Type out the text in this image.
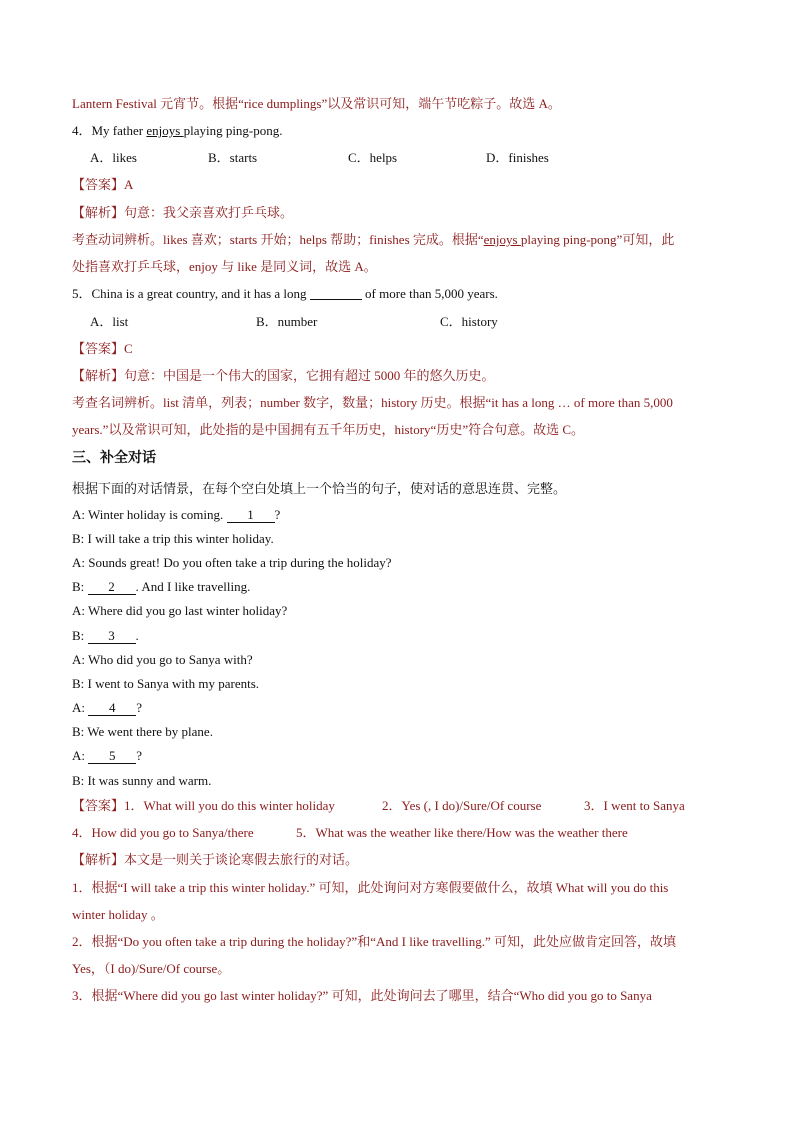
Lantern Festival 元宵节。根据“rice dumplings”以及常识可知，端午节吃粽子。故选 A。
4．My father enjoys playing ping-pong.
A．likes	B．starts	C．helps	D．finishes
【答案】A
【解析】句意：我父亲喜欢打乒乓球。
考查动词辨析。likes 喜欢；starts 开始；helps 帮助；finishes 完成。根据“enjoys playing ping-pong”可知，此
处指喜欢打乒乓球，enjoy 与 like 是同义词，故选 A。
5．China is a great country, and it has a long	of more than 5,000 years.
A．list	B．number	C．history
【答案】C
【解析】句意：中国是一个伟大的国家，它拥有超过 5000 年的悠久历史。
考查名词辨析。list 清单，列表；number 数字，数量；history 历史。根据“it has a long … of more than 5,000
years.”以及常识可知，此处指的是中国拥有五千年历史，history“历史”符合句意。故选 C。
三、补全对话
根据下面的对话情景，在每个空白处填上一个恰当的句子，使对话的意思连贯、完整。
A: Winter holiday is coming. 1 ?
B: I will take a trip this winter holiday.
A: Sounds great! Do you often take a trip during the holiday?
B: 2 . And I like travelling.
A: Where did you go last winter holiday?
B: 3 .
A: Who did you go to Sanya with?
B: I went to Sanya with my parents.
A: 4 ?
B: We went there by plane.
A: 5 ?
B: It was sunny and warm.
【答案】 1．What will you do this winter holiday	2．Yes (, I do)/Sure/Of course	3．I went to Sanya
4．How did you go to Sanya/there	5．What was the weather like there/How was the weather there
【解析】本文是一则关于谈论寒假去旅行的对话。
1．根据“I will take a trip this winter holiday.” 可知，此处询问对方寒假要做什么，故填 What will you do this
winter holiday 。
2．根据“Do you often take a trip during the holiday?”和“And I like travelling.” 可知，此处应做肯定回答，故填
Yes，（I do)/Sure/Of course。
3．根据“Where did you go last winter holiday?” 可知，此处询问去了哪里，结合“Who did you go to Sanya
